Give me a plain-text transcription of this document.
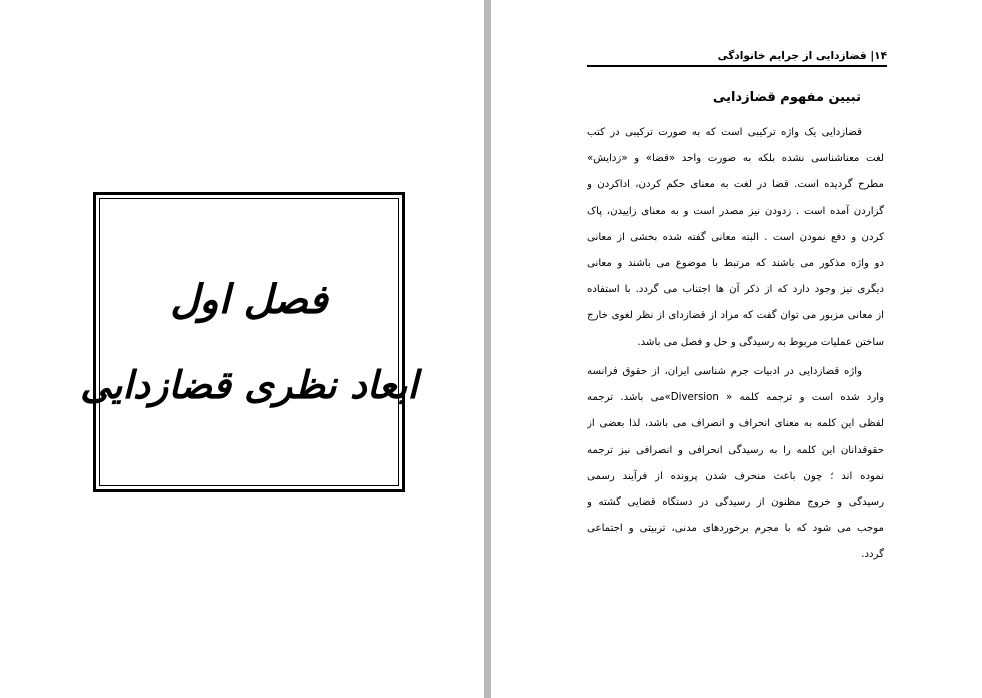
فصل اول
ابعاد نظری قضازدایی
۱۴| قضازدایی از جرایم خانوادگی
تبیین مفهوم قضازدایی
قضازدایی یک واژه ترکیبی است که به صورت ترکیبی در کتب
لغت معناشناسی نشده بلکه به صورت واحد «قضا» و «زدایش»
مطرح گردیده است. قضا در لغت به معنای حکم کردن، اداکردن و
گزاردن آمده است . زدودن نیز مصدر است و به معنای زاییدن، پاک
کردن و دفع نمودن است . البته معانی گفته شده بخشی از معانی
دو واژه مذکور می باشند که مرتبط با موضوع می باشند و معانی
دیگری نیز وجود دارد که از ذکر آن ها اجتناب می گردد. با استفاده
از معانی مزبور می توان گفت که مراد از قضازدای از نظر لغوی خارج
ساختن عملیات مربوط به رسیدگی و حل و فصل می باشد.
واژه قضازدایی در ادبیات جرم شناسی ایران، از حقوق فرانسه
وارد شده است و ترجمه کلمه « Diversion»می باشد. ترجمه
لفظی این کلمه به معنای انحراف و انصراف می باشد، لذا بعضی از
حقوقدانان این کلمه را به رسیدگی انحرافی و انصرافی نیز ترجمه
نموده اند ؛ چون باعث منحرف شدن پرونده از فرآیند رسمی
رسیدگی و خروج مظنون از رسیدگی در دستگاه قضایی گشته و
موجب می شود که با مجرم برخوردهای مدنی، تربیتی و اجتماعی
گردد.
